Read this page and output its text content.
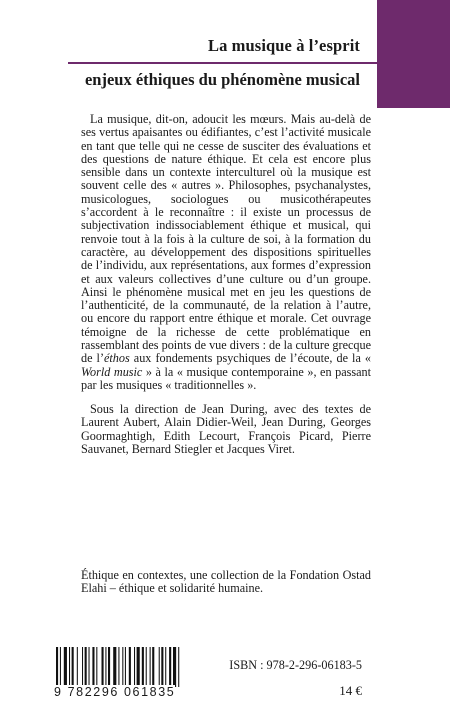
La musique à l’esprit
enjeux éthiques du phénomène musical

La musique, dit-on, adoucit les mœurs. Mais au-delà de ses vertus apaisantes ou édifiantes, c’est l’activité musicale en tant que telle qui ne cesse de susciter des évaluations et des questions de nature éthique. Et cela est encore plus sensible dans un contexte interculturel où la musique est souvent celle des « autres ». Philosophes, psychanalystes, musicologues, sociologues ou musicothérapeutes s’accordent à le reconnaître : il existe un processus de subjectivation indissociablement éthique et musical, qui renvoie tout à la fois à la culture de soi, à la formation du caractère, au développement des dispositions spirituelles de l’individu, aux représentations, aux formes d’expression et aux valeurs collectives d’une culture ou d’un groupe. Ainsi le phénomène musical met en jeu les questions de l’authenticité, de la communauté, de la relation à l’autre, ou encore du rapport entre éthique et morale. Cet ouvrage témoigne de la richesse de cette problématique en rassemblant des points de vue divers : de la culture grecque de l’éthos aux fondements psychiques de l’écoute, de la « World music » à la « musique contemporaine », en passant par les musiques « traditionnelles ».

Sous la direction de Jean During, avec des textes de Laurent Aubert, Alain Didier-Weil, Jean During, Georges Goormaghtigh, Edith Lecourt, François Picard, Pierre Sauvanet, Bernard Stiegler et Jacques Viret.

Éthique en contextes, une collection de la Fondation Ostad Elahi – éthique et solidarité humaine.

9 782296 061835

ISBN : 978-2-296-06183-5

14 €
